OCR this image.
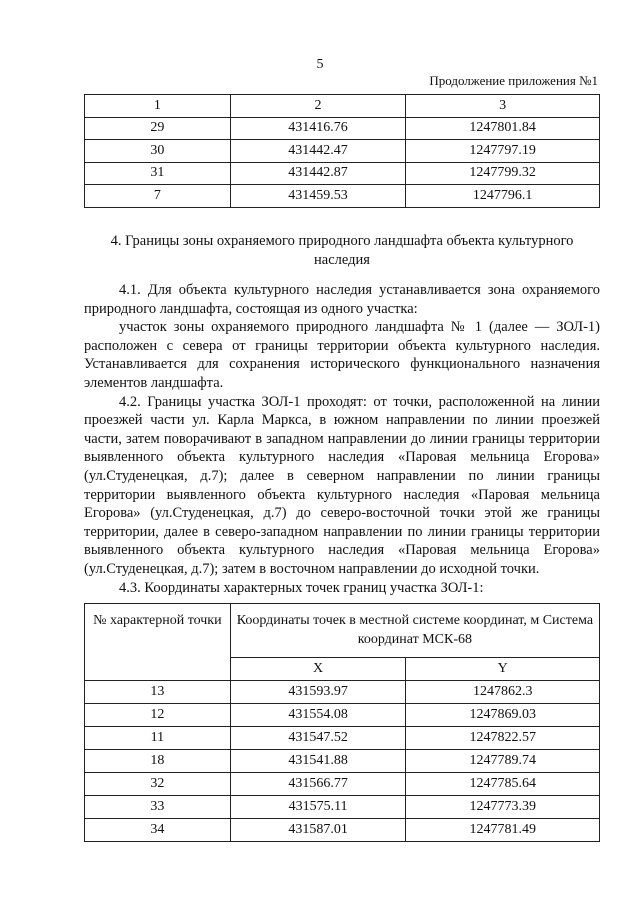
5
Продолжение приложения №1
1	2	3
29	431416.76	1247801.84
30	431442.47	1247797.19
31	431442.87	1247799.32
7	431459.53	1247796.1
4. Границы зоны охраняемого природного ландшафта объекта культурного наследия

4.1. Для объекта культурного наследия устанавливается зона охраняемого природного ландшафта, состоящая из одного участка:

участок зоны охраняемого природного ландшафта № 1 (далее — ЗОЛ-1) расположен с севера от границы территории объекта культурного наследия. Устанавливается для сохранения исторического функционального назначения элементов ландшафта.

4.2. Границы участка ЗОЛ-1 проходят: от точки, расположенной на линии проезжей части ул. Карла Маркса, в южном направлении по линии проезжей части, затем поворачивают в западном направлении до линии границы территории выявленного объекта культурного наследия «Паровая мельница Егорова» (ул.Студенецкая, д.7); далее в северном направлении по линии границы территории выявленного объекта культурного наследия «Паровая мельница Егорова» (ул.Студенецкая, д.7) до северо-восточной точки этой же границы территории, далее в северо-западном направлении по линии границы территории выявленного объекта культурного наследия «Паровая мельница Егорова» (ул.Студенецкая, д.7); затем в восточном направлении до исходной точки.

4.3. Координаты характерных точек границ участка ЗОЛ-1:

№ характерной точки	Координаты точек в местной системе координат, м Система координат МСК-68	
	X	Y
13	431593.97	1247862.3
12	431554.08	1247869.03
11	431547.52	1247822.57
18	431541.88	1247789.74
32	431566.77	1247785.64
33	431575.11	1247773.39
34	431587.01	1247781.49
